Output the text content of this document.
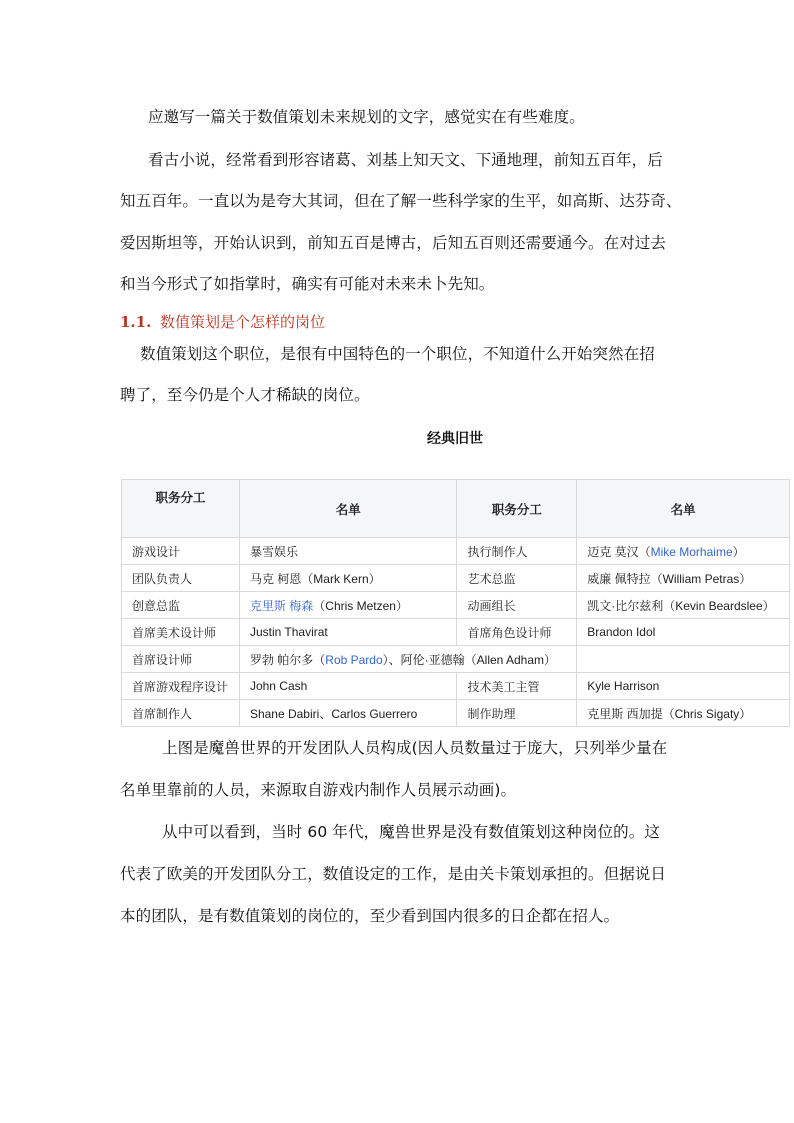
应邀写一篇关于数值策划未来规划的文字，感觉实在有些难度。

看古小说，经常看到形容诸葛、刘基上知天文、下通地理，前知五百年，后

知五百年。一直以为是夸大其词，但在了解一些科学家的生平，如高斯、达芬奇、

爱因斯坦等，开始认识到，前知五百是博古，后知五百则还需要通今。在对过去

和当今形式了如指掌时，确实有可能对未来未卜先知。

1.1. 数值策划是个怎样的岗位

数值策划这个职位，是很有中国特色的一个职位，不知道什么开始突然在招

聘了，至今仍是个人才稀缺的岗位。

经典旧世
职务分工	名单	职务分工	名单
游戏设计	暴雪娱乐	执行制作人	迈克 莫汉（Mike Morhaime）
团队负责人	马克 柯恩（Mark Kern）	艺术总监	威廉 佩特拉（William Petras）
创意总监	克里斯 梅森（Chris Metzen）	动画组长	凯文·比尔兹利（Kevin Beardslee）
首席美术设计师	Justin Thavirat	首席角色设计师	Brandon Idol
首席设计师	罗勃 帕尔多（Rob Pardo）、阿伦·亚德翰（Allen Adham）		
首席游戏程序设计	John Cash	技术美工主管	Kyle Harrison
首席制作人	Shane Dabiri、Carlos Guerrero	制作助理	克里斯 西加提（Chris Sigaty）

上图是魔兽世界的开发团队人员构成(因人员数量过于庞大，只列举少量在

名单里靠前的人员，来源取自游戏内制作人员展示动画)。

从中可以看到，当时 60 年代，魔兽世界是没有数值策划这种岗位的。这

代表了欧美的开发团队分工，数值设定的工作，是由关卡策划承担的。但据说日

本的团队，是有数值策划的岗位的，至少看到国内很多的日企都在招人。
